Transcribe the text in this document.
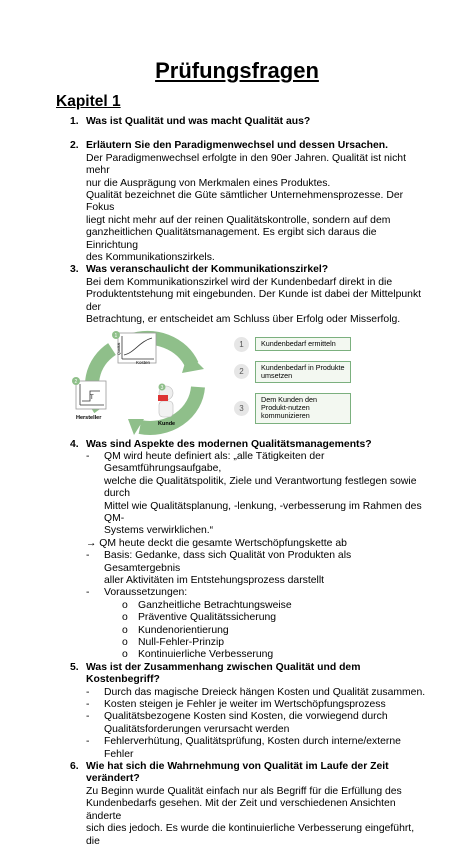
Prüfungsfragen
Kapitel 1
1. Was ist Qualität und was macht Qualität aus?
2. Erläutern Sie den Paradigmenwechsel und dessen Ursachen.
Der Paradigmenwechsel erfolgte in den 90er Jahren. Qualität ist nicht mehr
nur die Ausprägung von Merkmalen eines Produktes.
Qualität bezeichnet die Güte sämtlicher Unternehmensprozesse. Der Fokus
liegt nicht mehr auf der reinen Qualitätskontrolle, sondern auf dem
ganzheitlichen Qualitätsmanagement. Es ergibt sich daraus die Einrichtung
des Kommunikationszirkels.
3. Was veranschaulicht der Kommunikationszirkel?
Bei dem Kommunikationszirkel wird der Kundenbedarf direkt in die
Produktentstehung mit eingebunden. Der Kunde ist dabei der Mittelpunkt der
Betrachtung, er entscheidet am Schluss über Erfolg oder Misserfolg.
Kosten
Qualität
1
T
2
Hersteller
3
Kunde
1	Kundenbedarf ermitteln
2
Kundenbedarf in Produkte umsetzen
3
Dem Kunden den Produkt-nutzen kommunizieren
4. Was sind Aspekte des modernen Qualitätsmanagements?
-	QM wird heute definiert als: „alle Tätigkeiten der Gesamtführungsaufgabe,
welche die Qualitätspolitik, Ziele und Verantwortung festlegen sowie durch
Mittel wie Qualitätsplanung, -lenkung, -verbesserung im Rahmen des QM-
Systems verwirklichen.“
→ QM heute deckt die gesamte Wertschöpfungskette ab
-	Basis: Gedanke, dass sich Qualität von Produkten als Gesamtergebnis
aller Aktivitäten im Entstehungsprozess darstellt
-	Voraussetzungen:
o Ganzheitliche Betrachtungsweise
o Präventive Qualitätssicherung
o Kundenorientierung
o Null-Fehler-Prinzip
o Kontinuierliche Verbesserung
5. Was ist der Zusammenhang zwischen Qualität und dem Kostenbegriff?
-	Durch das magische Dreieck hängen Kosten und Qualität zusammen.
-	Kosten steigen je Fehler je weiter im Wertschöpfungsprozess
-	Qualitätsbezogene Kosten sind Kosten, die vorwiegend durch
Qualitätsforderungen verursacht werden
-	Fehlerverhütung, Qualitätsprüfung, Kosten durch interne/externe Fehler
6. Wie hat sich die Wahrnehmung von Qualität im Laufe der Zeit verändert?
Zu Beginn wurde Qualität einfach nur als Begriff für die Erfüllung des
Kundenbedarfs gesehen. Mit der Zeit und verschiedenen Ansichten änderte
sich dies jedoch. Es wurde die kontinuierliche Verbesserung eingeführt, die
